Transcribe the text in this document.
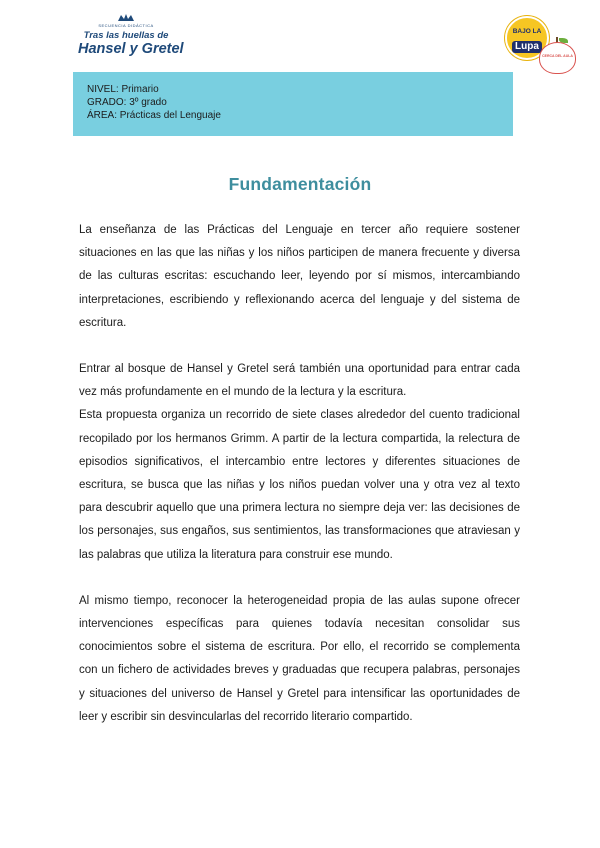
SECUENCIA DIDÁCTICA
Tras las huellas de
Hansel y Gretel
BAJO LA
Lupa
CERCA DEL AULA
NIVEL: Primario
GRADO: 3º grado
ÁREA: Prácticas del Lenguaje
Fundamentación

La enseñanza de las Prácticas del Lenguaje en tercer año requiere sostener situaciones en las que las niñas y los niños participen de manera frecuente y diversa de las culturas escritas: escuchando leer, leyendo por sí mismos, intercambiando interpretaciones, escribiendo y reflexionando acerca del lenguaje y del sistema de escritura.

Entrar al bosque de Hansel y Gretel será también una oportunidad para entrar cada vez más profundamente en el mundo de la lectura y la escritura.

Esta propuesta organiza un recorrido de siete clases alrededor del cuento tradicional recopilado por los hermanos Grimm. A partir de la lectura compartida, la relectura de episodios significativos, el intercambio entre lectores y diferentes situaciones de escritura, se busca que las niñas y los niños puedan volver una y otra vez al texto para descubrir aquello que una primera lectura no siempre deja ver: las decisiones de los personajes, sus engaños, sus sentimientos, las transformaciones que atraviesan y las palabras que utiliza la literatura para construir ese mundo.

Al mismo tiempo, reconocer la heterogeneidad propia de las aulas supone ofrecer intervenciones específicas para quienes todavía necesitan consolidar sus conocimientos sobre el sistema de escritura. Por ello, el recorrido se complementa con un fichero de actividades breves y graduadas que recupera palabras, personajes y situaciones del universo de Hansel y Gretel para intensificar las oportunidades de leer y escribir sin desvincularlas del recorrido literario compartido.
